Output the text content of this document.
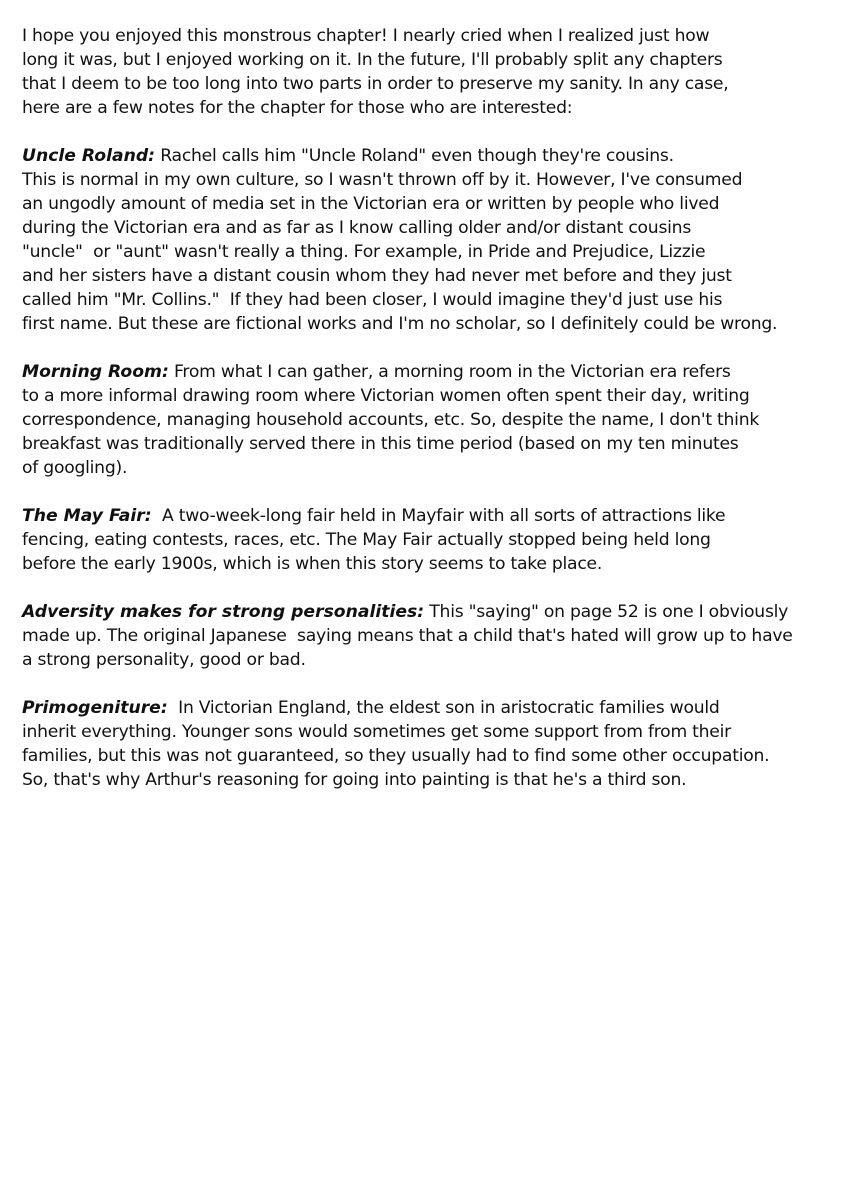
I hope you enjoyed this monstrous chapter! I nearly cried when I realized just how
long it was, but I enjoyed working on it. In the future, I'll probably split any chapters
that I deem to be too long into two parts in order to preserve my sanity. In any case,
here are a few notes for the chapter for those who are interested:
Uncle Roland: Rachel calls him "Uncle Roland" even though they're cousins.
This is normal in my own culture, so I wasn't thrown off by it. However, I've consumed
an ungodly amount of media set in the Victorian era or written by people who lived
during the Victorian era and as far as I know calling older and/or distant cousins
"uncle"  or "aunt" wasn't really a thing. For example, in Pride and Prejudice, Lizzie
and her sisters have a distant cousin whom they had never met before and they just
called him "Mr. Collins."  If they had been closer, I would imagine they'd just use his
first name. But these are fictional works and I'm no scholar, so I definitely could be wrong.
Morning Room: From what I can gather, a morning room in the Victorian era refers
to a more informal drawing room where Victorian women often spent their day, writing
correspondence, managing household accounts, etc. So, despite the name, I don't think
breakfast was traditionally served there in this time period (based on my ten minutes
of googling).
The May Fair:  A two-week-long fair held in Mayfair with all sorts of attractions like
fencing, eating contests, races, etc. The May Fair actually stopped being held long
before the early 1900s, which is when this story seems to take place.
Adversity makes for strong personalities: This "saying" on page 52 is one I obviously
made up. The original Japanese  saying means that a child that's hated will grow up to have
a strong personality, good or bad.
Primogeniture:  In Victorian England, the eldest son in aristocratic families would
inherit everything. Younger sons would sometimes get some support from from their
families, but this was not guaranteed, so they usually had to find some other occupation.
So, that's why Arthur's reasoning for going into painting is that he's a third son.
